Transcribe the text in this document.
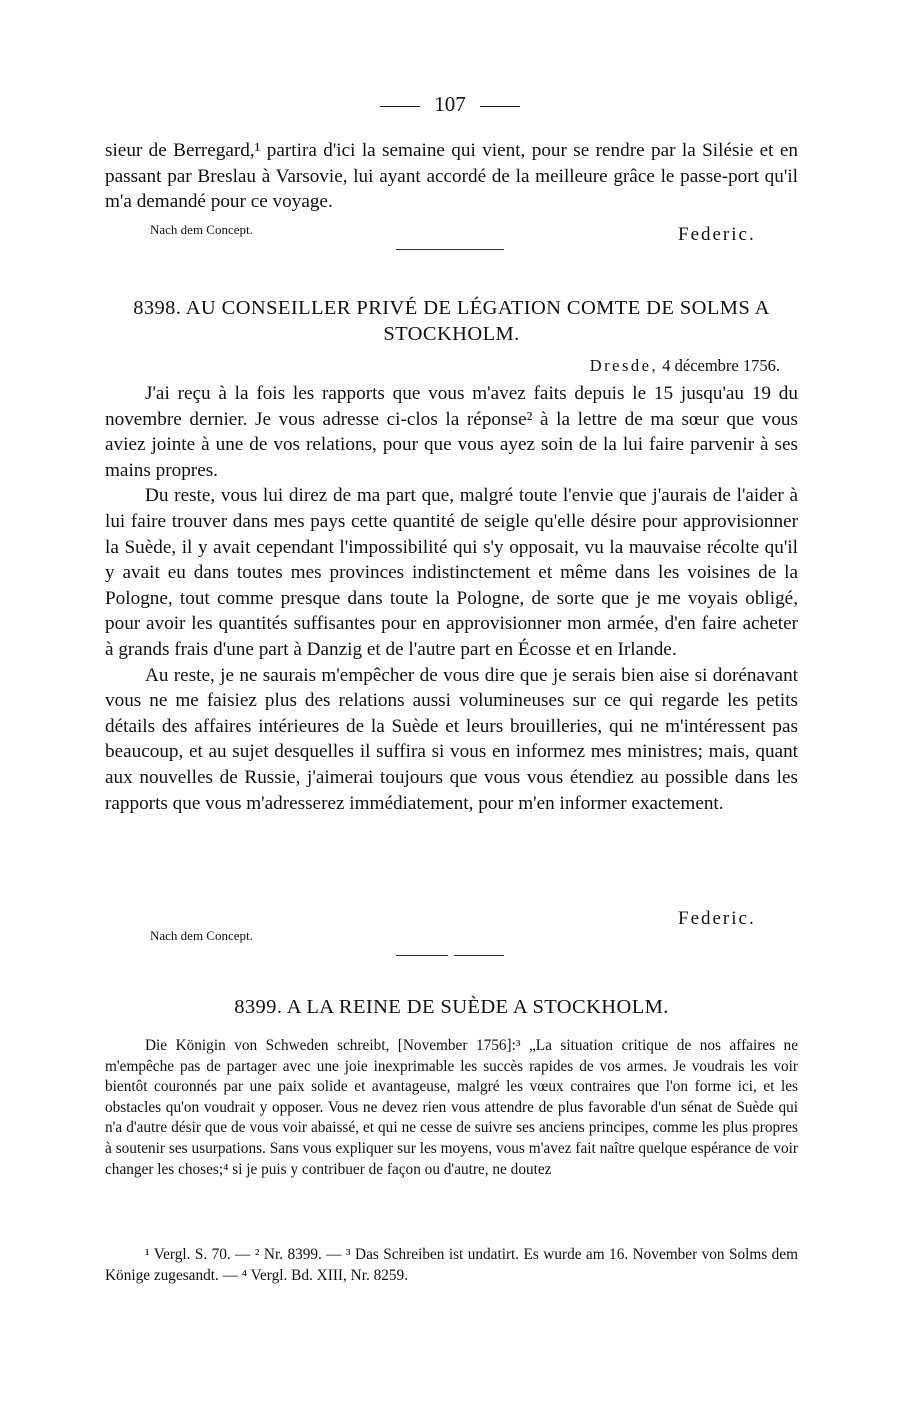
107

sieur de Berregard,¹ partira d'ici la semaine qui vient, pour se rendre par la Silésie et en passant par Breslau à Varsovie, lui ayant accordé de la meilleure grâce le passe-port qu'il m'a demandé pour ce voyage.

Nach dem Concept.	Federic.
8398. AU CONSEILLER PRIVÉ DE LÉGATION COMTE DE SOLMS A STOCKHOLM.
Dresde, 4 décembre 1756.

J'ai reçu à la fois les rapports que vous m'avez faits depuis le 15 jusqu'au 19 du novembre dernier. Je vous adresse ci-clos la réponse² à la lettre de ma sœur que vous aviez jointe à une de vos relations, pour que vous ayez soin de la lui faire parvenir à ses mains propres.

Du reste, vous lui direz de ma part que, malgré toute l'envie que j'aurais de l'aider à lui faire trouver dans mes pays cette quantité de seigle qu'elle désire pour approvisionner la Suède, il y avait cependant l'impossibilité qui s'y opposait, vu la mauvaise récolte qu'il y avait eu dans toutes mes provinces indistinctement et même dans les voisines de la Pologne, tout comme presque dans toute la Pologne, de sorte que je me voyais obligé, pour avoir les quantités suffisantes pour en approvisionner mon armée, d'en faire acheter à grands frais d'une part à Danzig et de l'autre part en Écosse et en Irlande.

Au reste, je ne saurais m'empêcher de vous dire que je serais bien aise si dorénavant vous ne me faisiez plus des relations aussi volumineuses sur ce qui regarde les petits détails des affaires intérieures de la Suède et leurs brouilleries, qui ne m'intéressent pas beaucoup, et au sujet desquelles il suffira si vous en informez mes ministres; mais, quant aux nouvelles de Russie, j'aimerai toujours que vous vous étendiez au possible dans les rapports que vous m'adresserez immédiatement, pour m'en informer exactement.

Federic.
Nach dem Concept.
8399. A LA REINE DE SUÈDE A STOCKHOLM.

Die Königin von Schweden schreibt, [November 1756]:³ „La situation critique de nos affaires ne m'empêche pas de partager avec une joie inexprimable les succès rapides de vos armes. Je voudrais les voir bientôt couronnés par une paix solide et avantageuse, malgré les vœux contraires que l'on forme ici, et les obstacles qu'on voudrait y opposer. Vous ne devez rien vous attendre de plus favorable d'un sénat de Suède qui n'a d'autre désir que de vous voir abaissé, et qui ne cesse de suivre ses anciens principes, comme les plus propres à soutenir ses usurpations. Sans vous expliquer sur les moyens, vous m'avez fait naître quelque espérance de voir changer les choses;⁴ si je puis y contribuer de façon ou d'autre, ne doutez

¹ Vergl. S. 70. — ² Nr. 8399. — ³ Das Schreiben ist undatirt. Es wurde am 16. November von Solms dem Könige zugesandt. — ⁴ Vergl. Bd. XIII, Nr. 8259.
